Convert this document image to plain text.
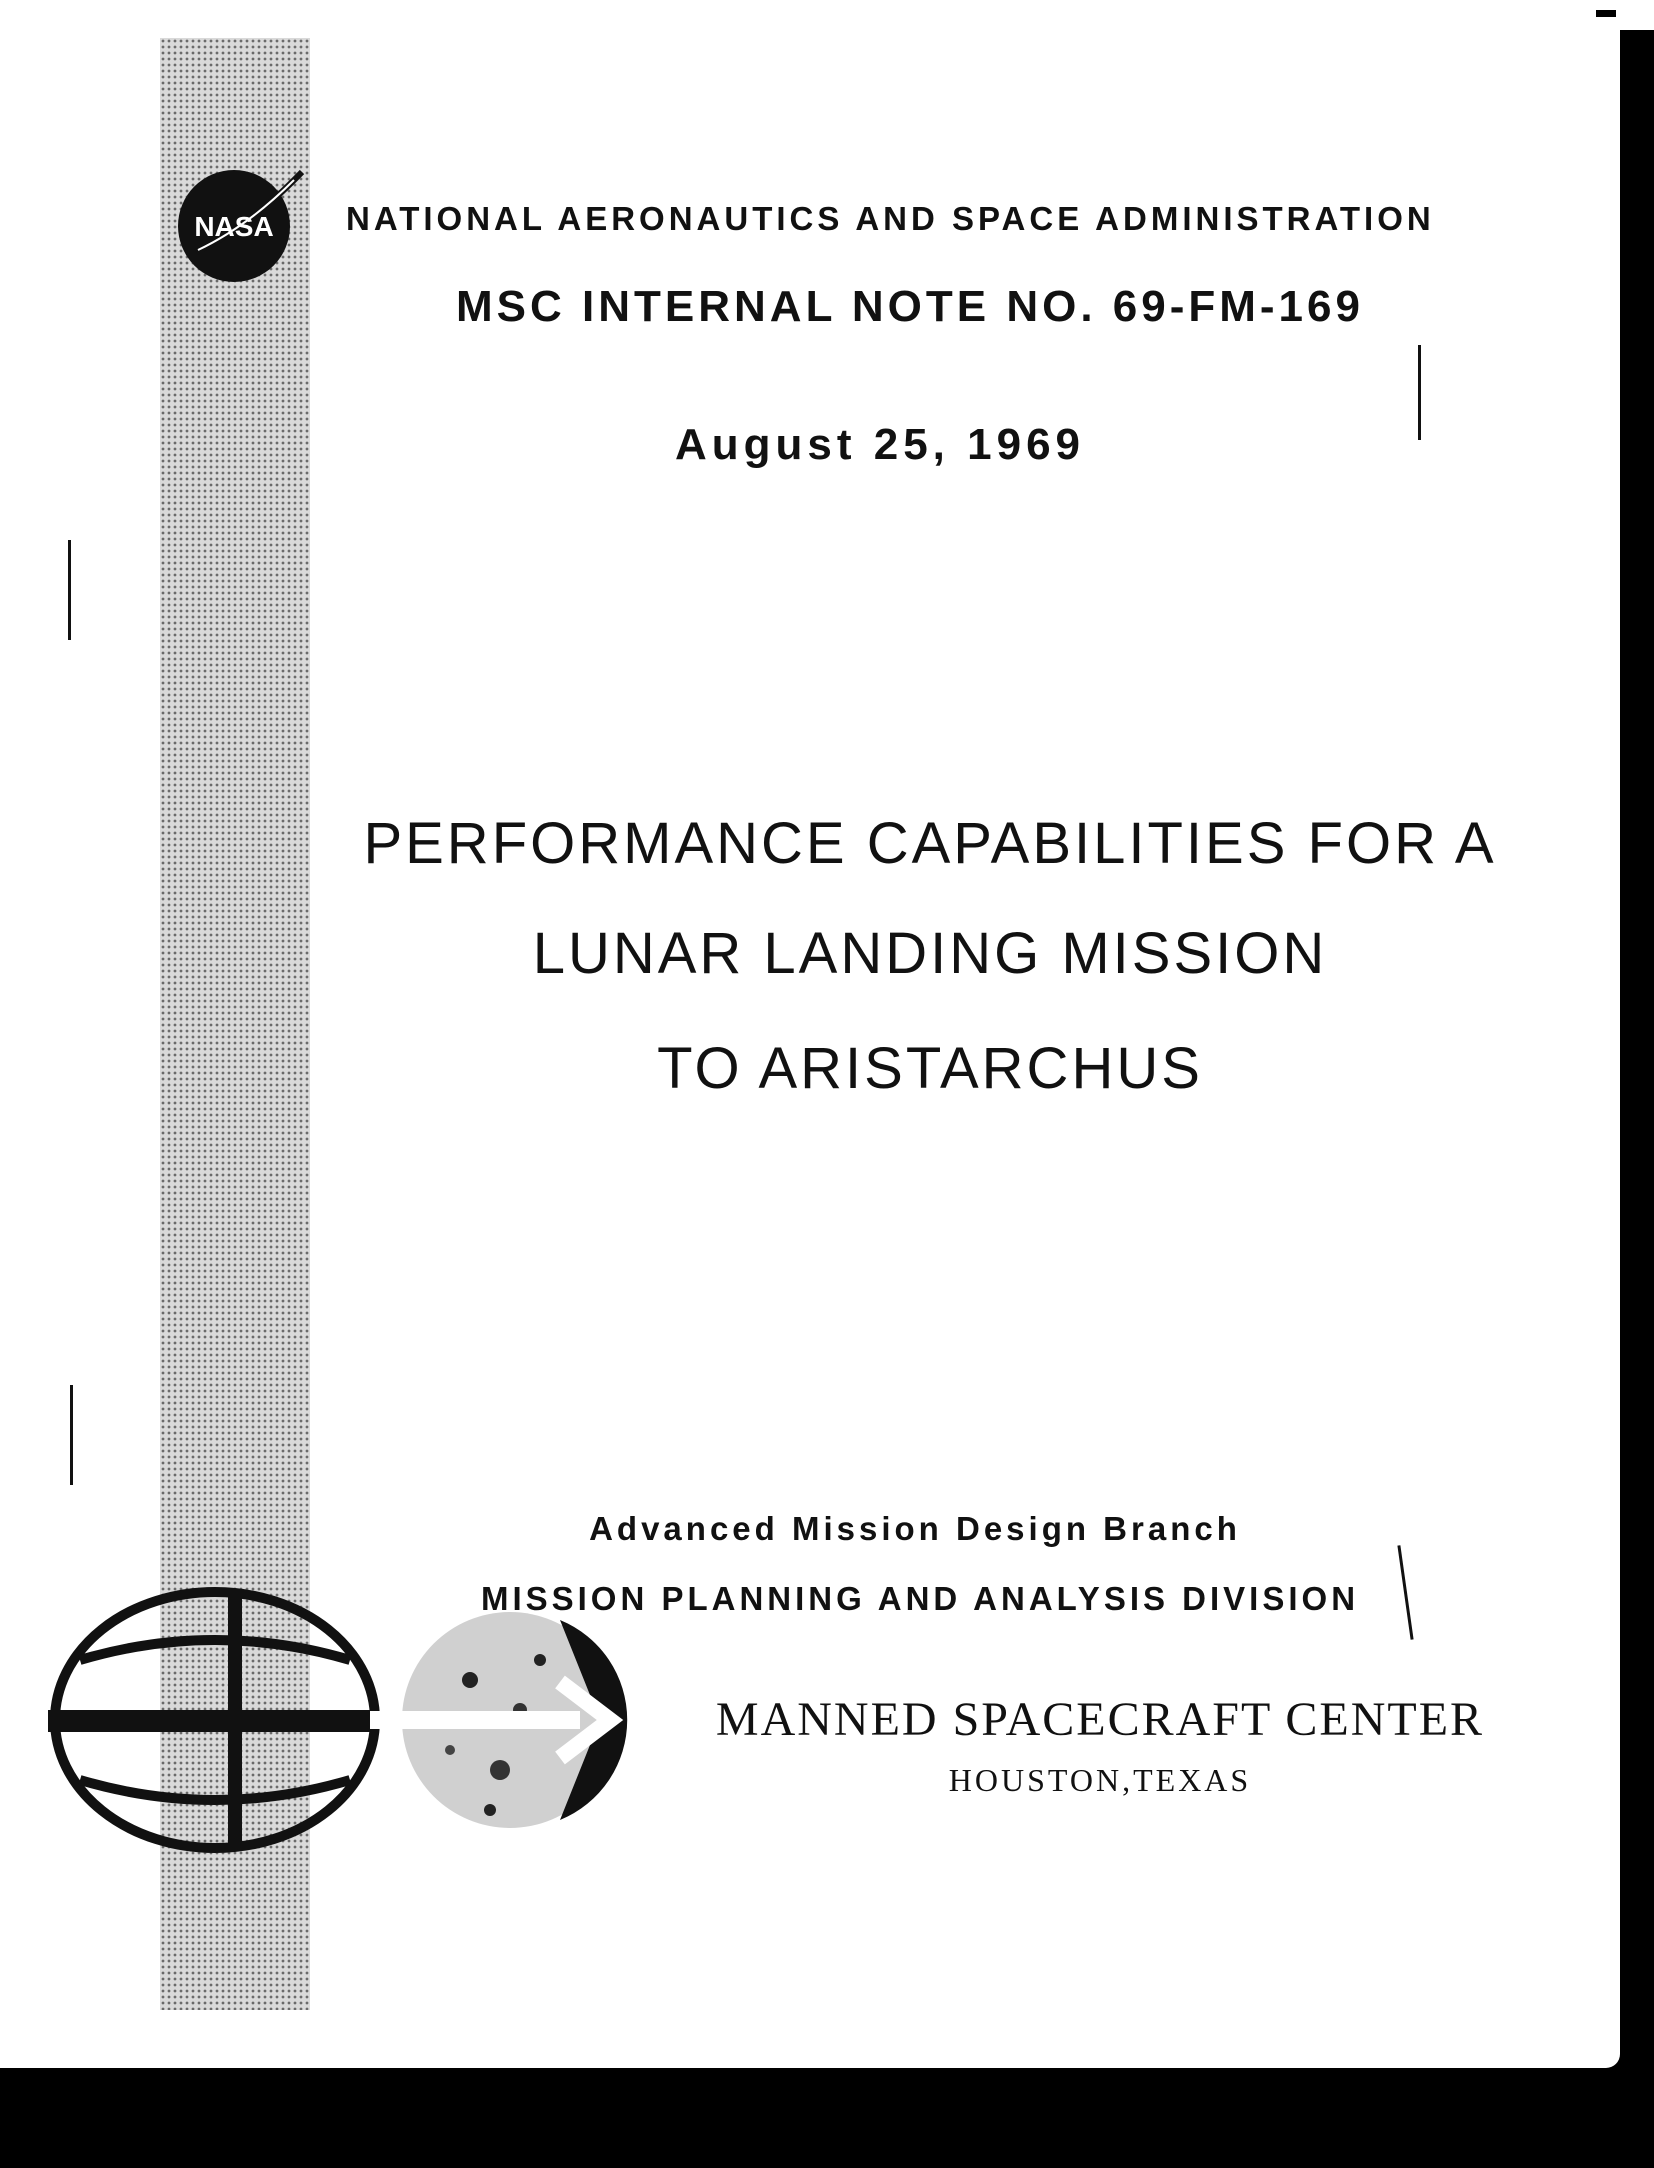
NASA NATIONAL AERONAUTICS AND SPACE ADMINISTRATION
MSC INTERNAL NOTE NO. 69-FM-169
August 25, 1969
PERFORMANCE CAPABILITIES FOR A
LUNAR LANDING MISSION
TO ARISTARCHUS
Advanced Mission Design Branch
MISSION PLANNING AND ANALYSIS DIVISION
MANNED SPACECRAFT CENTER
HOUSTON,TEXAS
